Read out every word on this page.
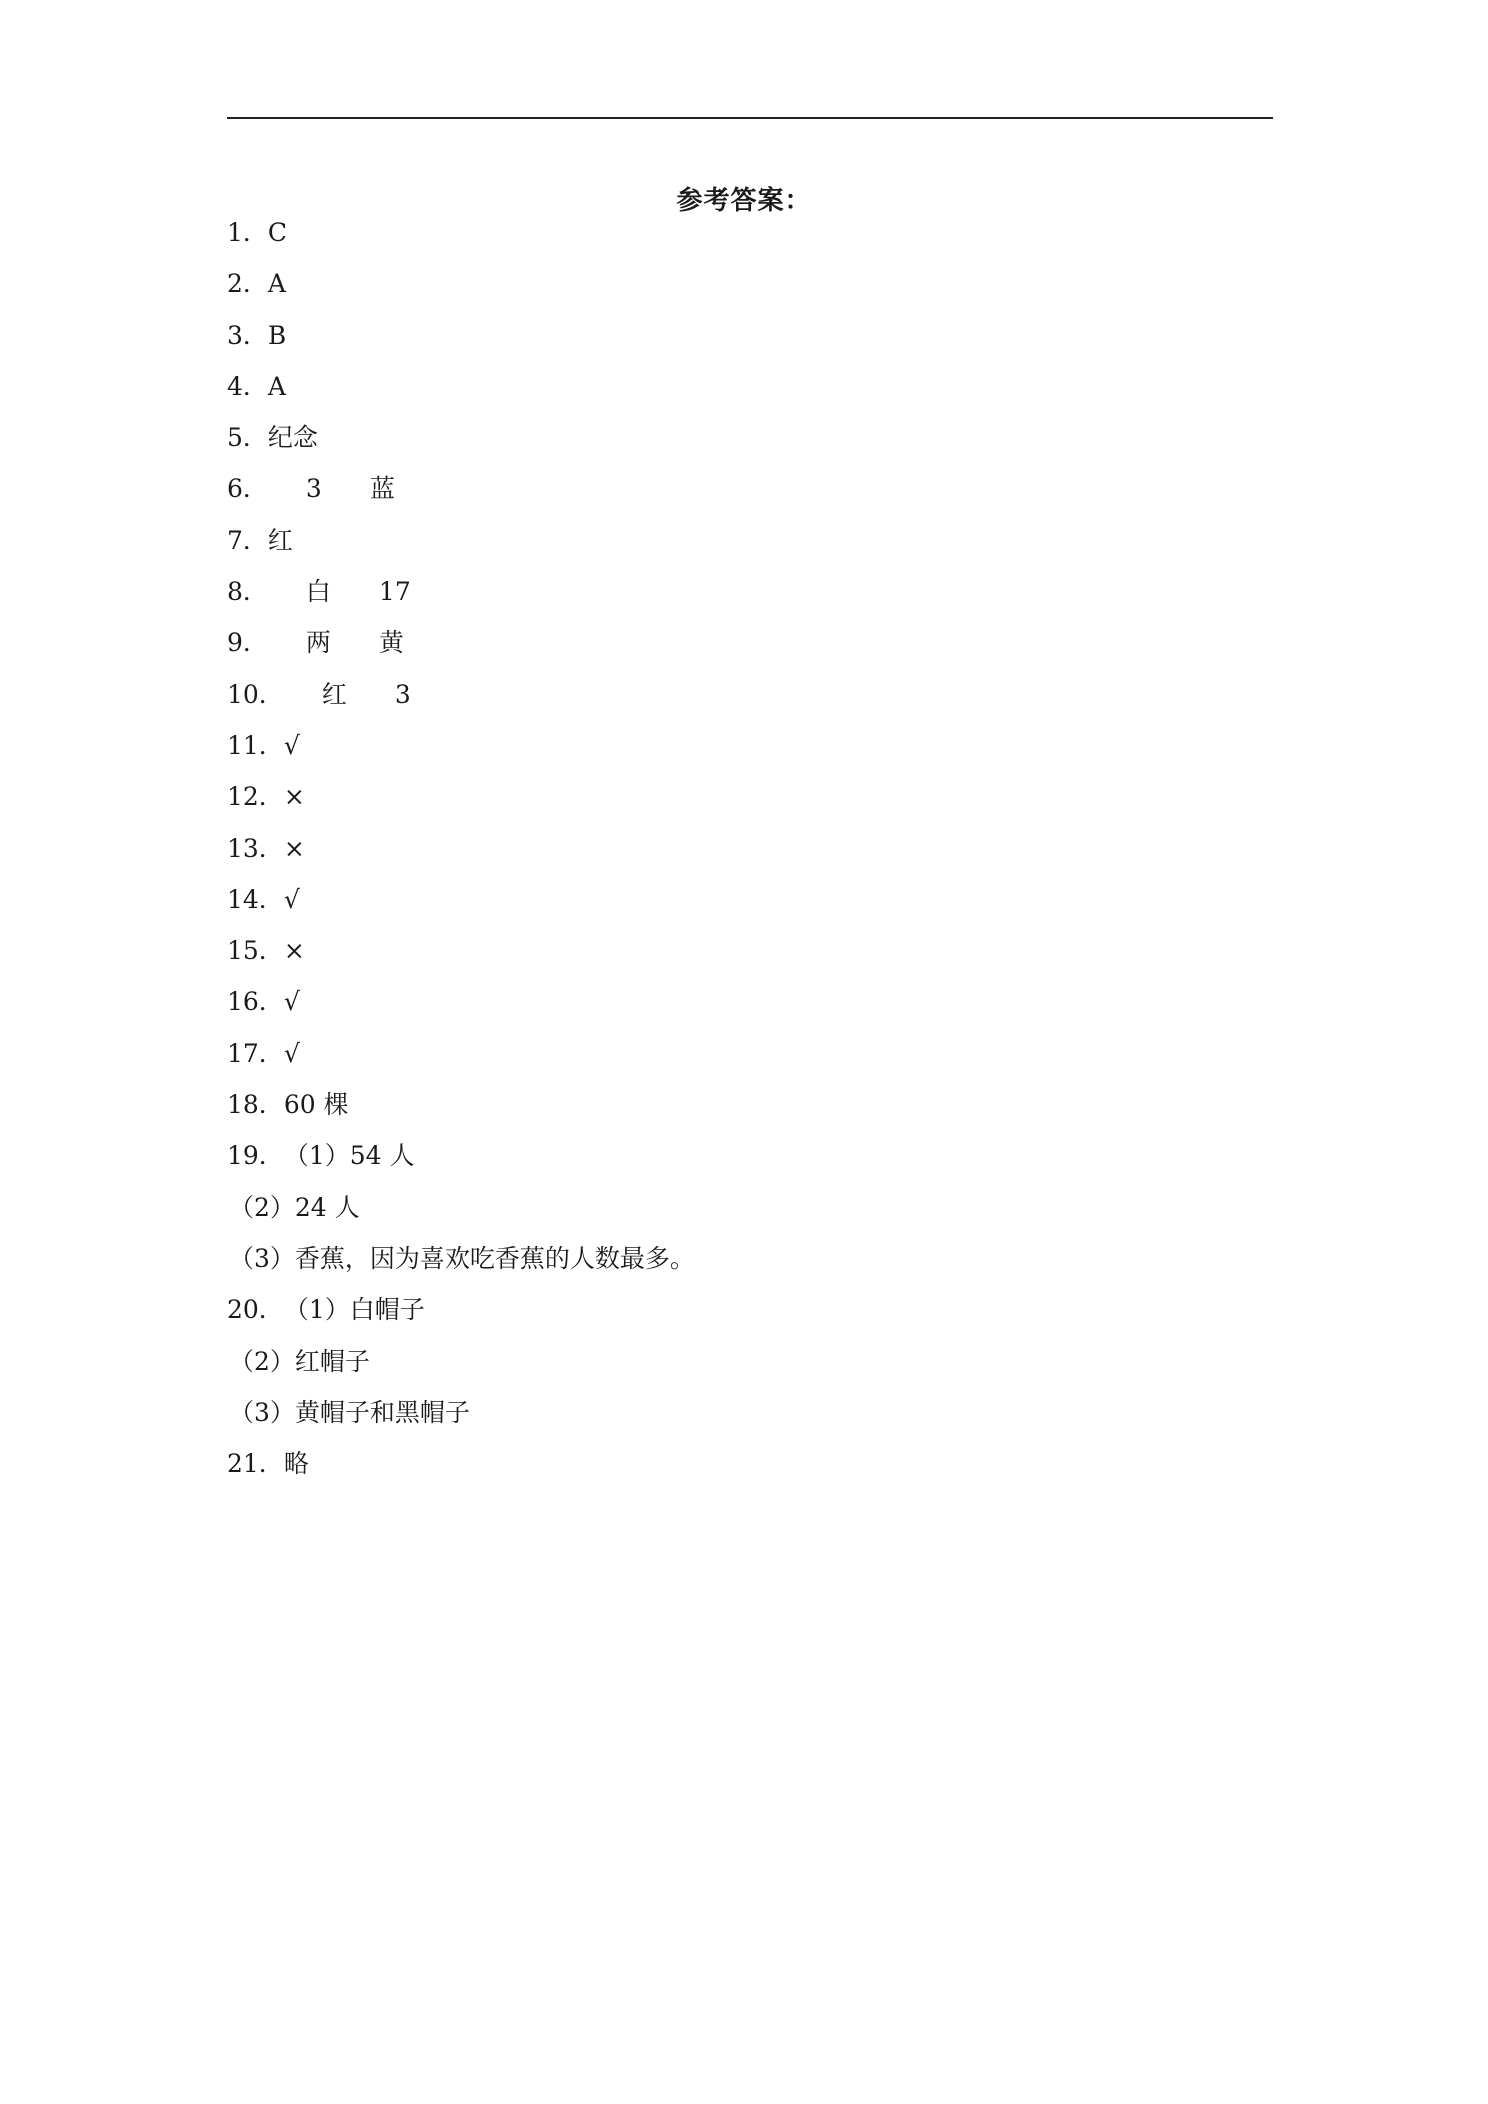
参考答案：
1．C
2．A
3．B
4．A
5．纪念
6． 3 蓝
7．红
8． 白 17
9． 两 黄
10． 红 3
11．√
12．×
13．×
14．√
15．×
16．√
17．√
18．60 棵
19．（1）54 人
（2）24 人
（3）香蕉，因为喜欢吃香蕉的人数最多。
20．（1）白帽子
（2）红帽子
（3）黄帽子和黑帽子
21．略
